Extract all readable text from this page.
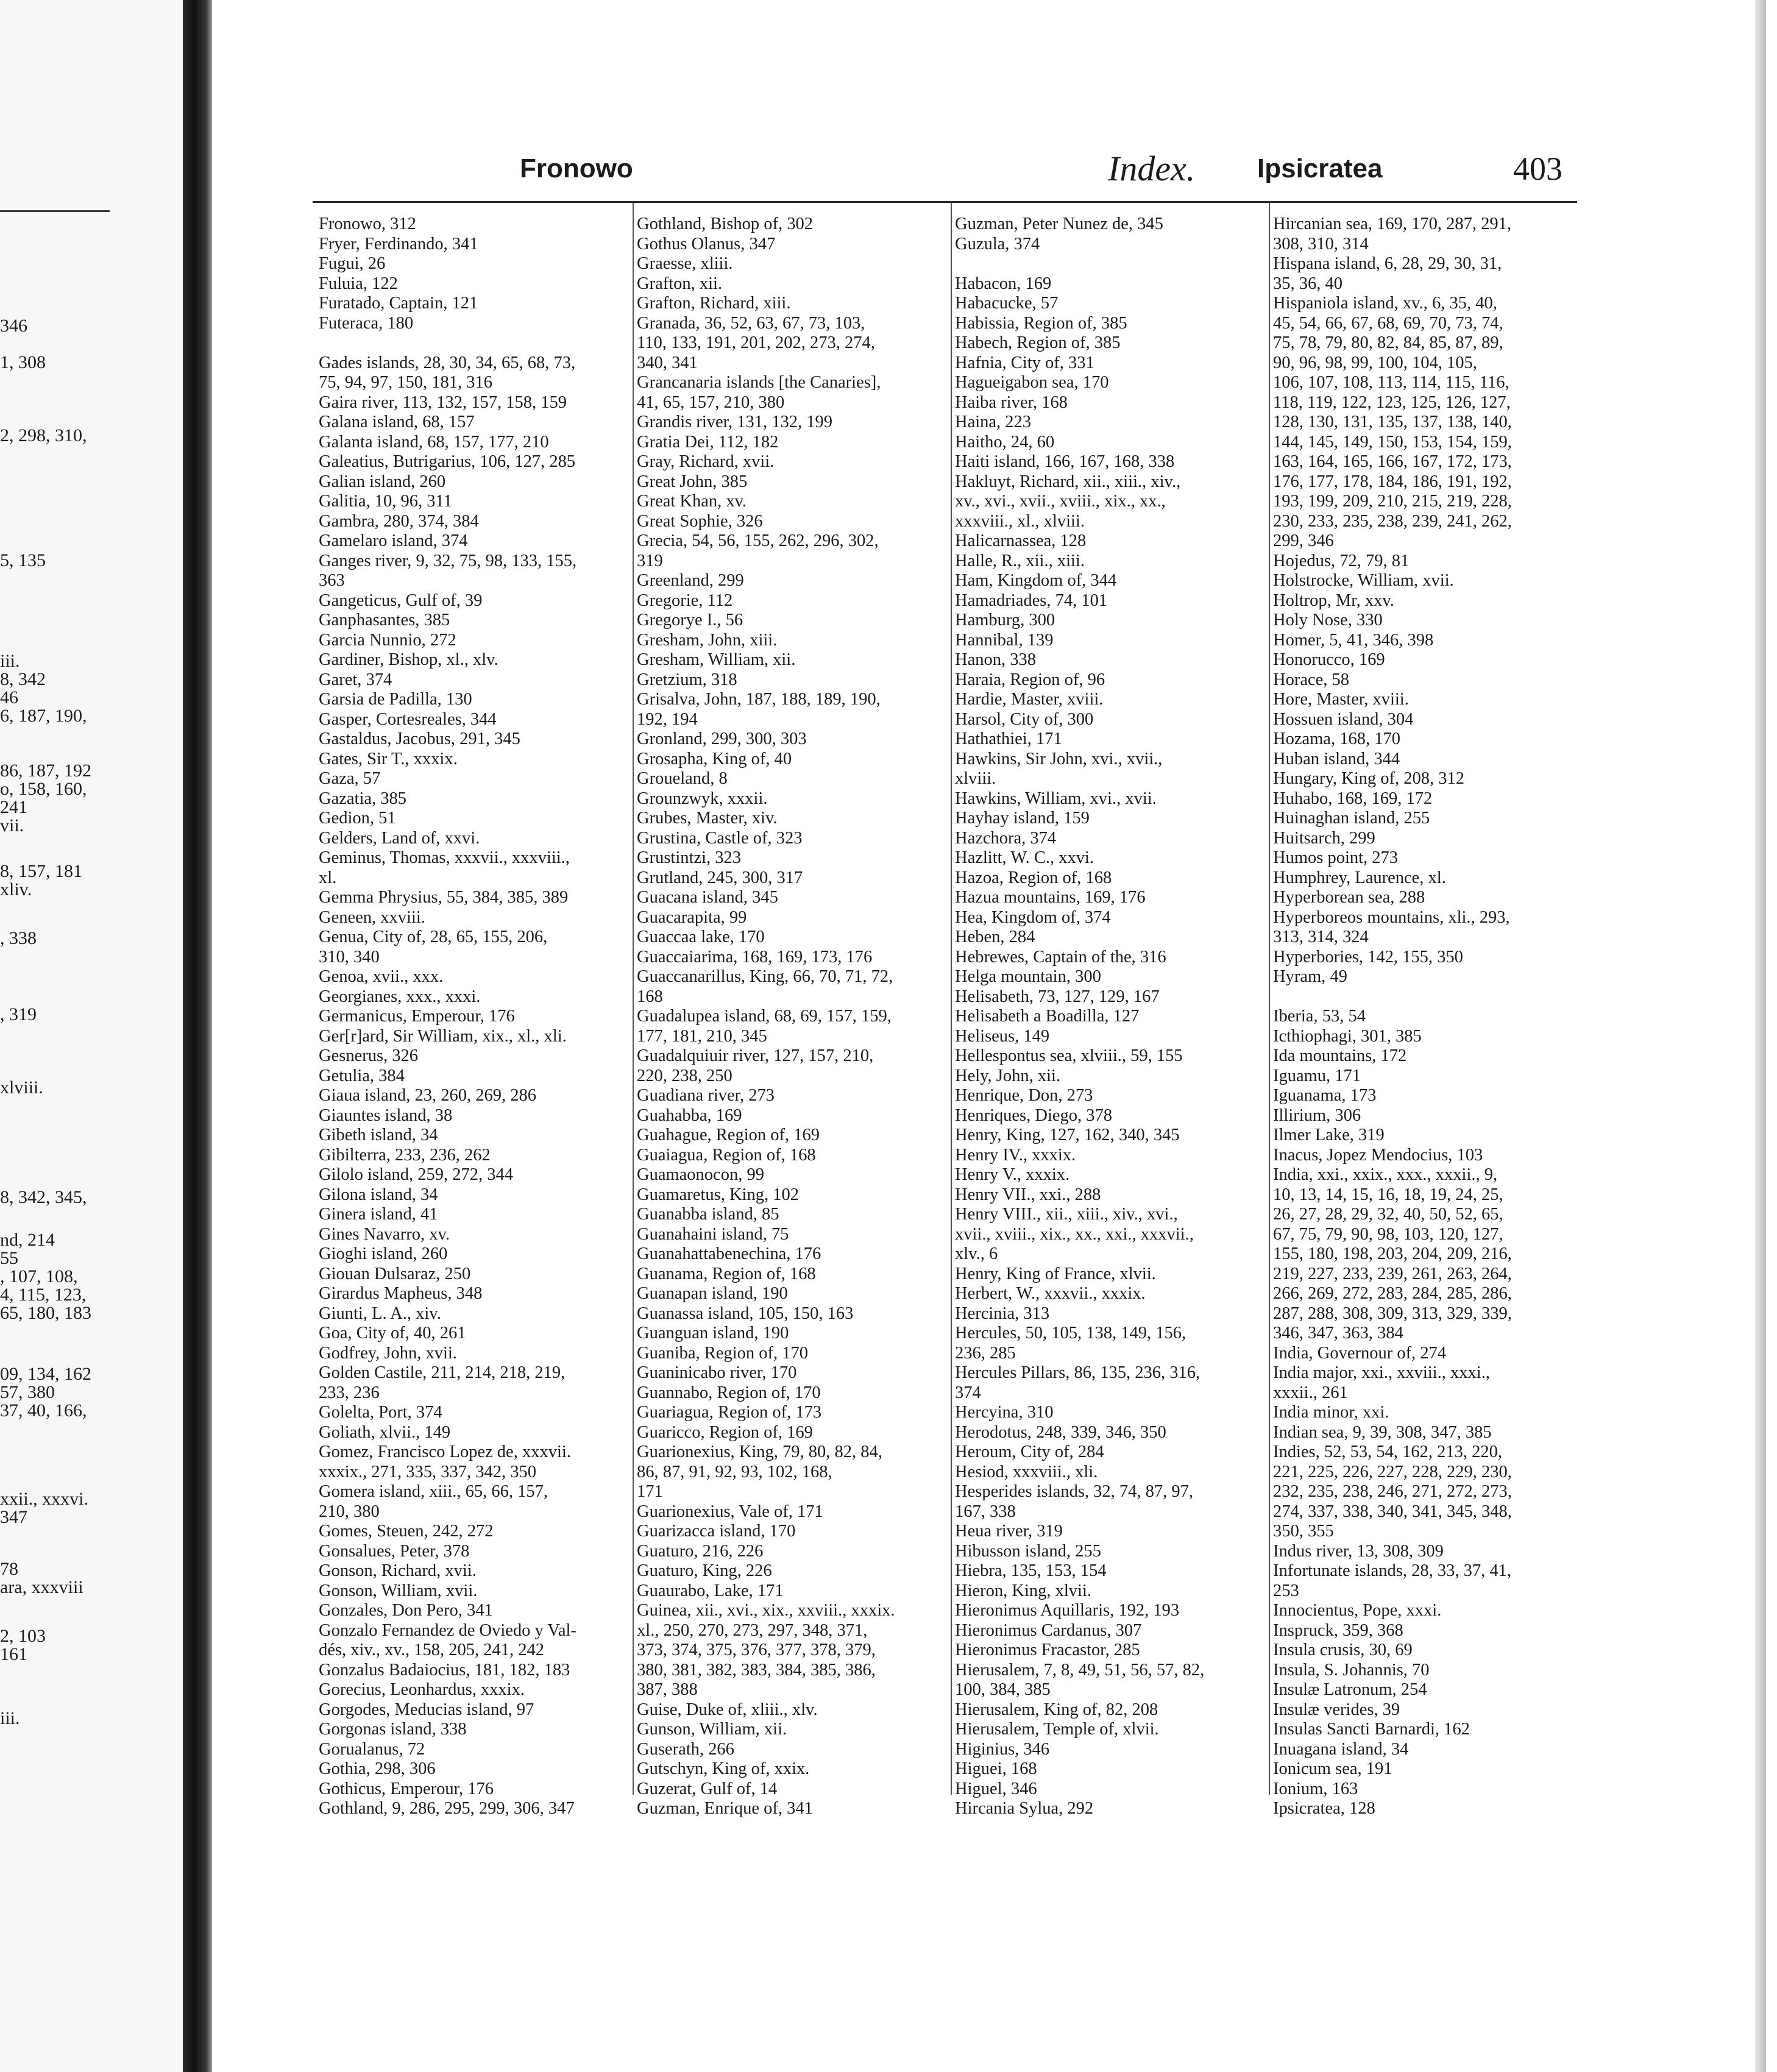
346
1, 308
2, 298, 310,
5, 135
iii.
8, 342
46
6, 187, 190,
86, 187, 192
o, 158, 160,
241
vii.
8, 157, 181
xliv.
, 338
, 319
xlviii.
8, 342, 345,
nd, 214
55
, 107, 108,
4, 115, 123,
65, 180, 183
09, 134, 162
57, 380
37, 40, 166,
xxii., xxxvi.
347
78
ara, xxxviii
2, 103
161
iii.
Fronowo	Index. Ipsicratea	403
Fronowo, 312
Fryer, Ferdinando, 341
Fugui, 26
Fuluia, 122
Furatado, Captain, 121
Futeraca, 180
Gades islands, 28, 30, 34, 65, 68, 73,
75, 94, 97, 150, 181, 316
Gaira river, 113, 132, 157, 158, 159
Galana island, 68, 157
Galanta island, 68, 157, 177, 210
Galeatius, Butrigarius, 106, 127, 285
Galian island, 260
Galitia, 10, 96, 311
Gambra, 280, 374, 384
Gamelaro island, 374
Ganges river, 9, 32, 75, 98, 133, 155,
363
Gangeticus, Gulf of, 39
Ganphasantes, 385
Garcia Nunnio, 272
Gardiner, Bishop, xl., xlv.
Garet, 374
Garsia de Padilla, 130
Gasper, Cortesreales, 344
Gastaldus, Jacobus, 291, 345
Gates, Sir T., xxxix.
Gaza, 57
Gazatia, 385
Gedion, 51
Gelders, Land of, xxvi.
Geminus, Thomas, xxxvii., xxxviii.,
xl.
Gemma Phrysius, 55, 384, 385, 389
Geneen, xxviii.
Genua, City of, 28, 65, 155, 206,
310, 340
Genoa, xvii., xxx.
Georgianes, xxx., xxxi.
Germanicus, Emperour, 176
Ger[r]ard, Sir William, xix., xl., xli.
Gesnerus, 326
Getulia, 384
Giaua island, 23, 260, 269, 286
Giauntes island, 38
Gibeth island, 34
Gibilterra, 233, 236, 262
Gilolo island, 259, 272, 344
Gilona island, 34
Ginera island, 41
Gines Navarro, xv.
Gioghi island, 260
Giouan Dulsaraz, 250
Girardus Mapheus, 348
Giunti, L. A., xiv.
Goa, City of, 40, 261
Godfrey, John, xvii.
Golden Castile, 211, 214, 218, 219,
233, 236
Golelta, Port, 374
Goliath, xlvii., 149
Gomez, Francisco Lopez de, xxxvii.
xxxix., 271, 335, 337, 342, 350
Gomera island, xiii., 65, 66, 157,
210, 380
Gomes, Steuen, 242, 272
Gonsalues, Peter, 378
Gonson, Richard, xvii.
Gonson, William, xvii.
Gonzales, Don Pero, 341
Gonzalo Fernandez de Oviedo y Val-
dés, xiv., xv., 158, 205, 241, 242
Gonzalus Badaiocius, 181, 182, 183
Gorecius, Leonhardus, xxxix.
Gorgodes, Meducias island, 97
Gorgonas island, 338
Gorualanus, 72
Gothia, 298, 306
Gothicus, Emperour, 176
Gothland, 9, 286, 295, 299, 306, 347
Gothland, Bishop of, 302
Gothus Olanus, 347
Graesse, xliii.
Grafton, xii.
Grafton, Richard, xiii.
Granada, 36, 52, 63, 67, 73, 103,
110, 133, 191, 201, 202, 273, 274,
340, 341
Grancanaria islands [the Canaries],
41, 65, 157, 210, 380
Grandis river, 131, 132, 199
Gratia Dei, 112, 182
Gray, Richard, xvii.
Great John, 385
Great Khan, xv.
Great Sophie, 326
Grecia, 54, 56, 155, 262, 296, 302,
319
Greenland, 299
Gregorie, 112
Gregorye I., 56
Gresham, John, xiii.
Gresham, William, xii.
Gretzium, 318
Grisalva, John, 187, 188, 189, 190,
192, 194
Gronland, 299, 300, 303
Grosapha, King of, 40
Groueland, 8
Grounzwyk, xxxii.
Grubes, Master, xiv.
Grustina, Castle of, 323
Grustintzi, 323
Grutland, 245, 300, 317
Guacana island, 345
Guacarapita, 99
Guaccaa lake, 170
Guaccaiarima, 168, 169, 173, 176
Guaccanarillus, King, 66, 70, 71, 72,
168
Guadalupea island, 68, 69, 157, 159,
177, 181, 210, 345
Guadalquiuir river, 127, 157, 210,
220, 238, 250
Guadiana river, 273
Guahabba, 169
Guahague, Region of, 169
Guaiagua, Region of, 168
Guamaonocon, 99
Guamaretus, King, 102
Guanabba island, 85
Guanahaini island, 75
Guanahattabenechina, 176
Guanama, Region of, 168
Guanapan island, 190
Guanassa island, 105, 150, 163
Guanguan island, 190
Guaniba, Region of, 170
Guaninicabo river, 170
Guannabo, Region of, 170
Guariagua, Region of, 173
Guaricco, Region of, 169
Guarionexius, King, 79, 80, 82, 84,
86, 87, 91, 92, 93, 102, 168,
171
Guarionexius, Vale of, 171
Guarizacca island, 170
Guaturo, 216, 226
Guaturo, King, 226
Guaurabo, Lake, 171
Guinea, xii., xvi., xix., xxviii., xxxix.
xl., 250, 270, 273, 297, 348, 371,
373, 374, 375, 376, 377, 378, 379,
380, 381, 382, 383, 384, 385, 386,
387, 388
Guise, Duke of, xliii., xlv.
Gunson, William, xii.
Guserath, 266
Gutschyn, King of, xxix.
Guzerat, Gulf of, 14
Guzman, Enrique of, 341
Guzman, Peter Nunez de, 345
Guzula, 374
Habacon, 169
Habacucke, 57
Habissia, Region of, 385
Habech, Region of, 385
Hafnia, City of, 331
Hagueigabon sea, 170
Haiba river, 168
Haina, 223
Haitho, 24, 60
Haiti island, 166, 167, 168, 338
Hakluyt, Richard, xii., xiii., xiv.,
xv., xvi., xvii., xviii., xix., xx.,
xxxviii., xl., xlviii.
Halicarnassea, 128
Halle, R., xii., xiii.
Ham, Kingdom of, 344
Hamadriades, 74, 101
Hamburg, 300
Hannibal, 139
Hanon, 338
Haraia, Region of, 96
Hardie, Master, xviii.
Harsol, City of, 300
Hathathiei, 171
Hawkins, Sir John, xvi., xvii.,
xlviii.
Hawkins, William, xvi., xvii.
Hayhay island, 159
Hazchora, 374
Hazlitt, W. C., xxvi.
Hazoa, Region of, 168
Hazua mountains, 169, 176
Hea, Kingdom of, 374
Heben, 284
Hebrewes, Captain of the, 316
Helga mountain, 300
Helisabeth, 73, 127, 129, 167
Helisabeth a Boadilla, 127
Heliseus, 149
Hellespontus sea, xlviii., 59, 155
Hely, John, xii.
Henrique, Don, 273
Henriques, Diego, 378
Henry, King, 127, 162, 340, 345
Henry IV., xxxix.
Henry V., xxxix.
Henry VII., xxi., 288
Henry VIII., xii., xiii., xiv., xvi.,
xvii., xviii., xix., xx., xxi., xxxvii.,
xlv., 6
Henry, King of France, xlvii.
Herbert, W., xxxvii., xxxix.
Hercinia, 313
Hercules, 50, 105, 138, 149, 156,
236, 285
Hercules Pillars, 86, 135, 236, 316,
374
Hercyina, 310
Herodotus, 248, 339, 346, 350
Heroum, City of, 284
Hesiod, xxxviii., xli.
Hesperides islands, 32, 74, 87, 97,
167, 338
Heua river, 319
Hibusson island, 255
Hiebra, 135, 153, 154
Hieron, King, xlvii.
Hieronimus Aquillaris, 192, 193
Hieronimus Cardanus, 307
Hieronimus Fracastor, 285
Hierusalem, 7, 8, 49, 51, 56, 57, 82,
100, 384, 385
Hierusalem, King of, 82, 208
Hierusalem, Temple of, xlvii.
Higinius, 346
Higuei, 168
Higuel, 346
Hircania Sylua, 292
Hircanian sea, 169, 170, 287, 291,
308, 310, 314
Hispana island, 6, 28, 29, 30, 31,
35, 36, 40
Hispaniola island, xv., 6, 35, 40,
45, 54, 66, 67, 68, 69, 70, 73, 74,
75, 78, 79, 80, 82, 84, 85, 87, 89,
90, 96, 98, 99, 100, 104, 105,
106, 107, 108, 113, 114, 115, 116,
118, 119, 122, 123, 125, 126, 127,
128, 130, 131, 135, 137, 138, 140,
144, 145, 149, 150, 153, 154, 159,
163, 164, 165, 166, 167, 172, 173,
176, 177, 178, 184, 186, 191, 192,
193, 199, 209, 210, 215, 219, 228,
230, 233, 235, 238, 239, 241, 262,
299, 346
Hojedus, 72, 79, 81
Holstrocke, William, xvii.
Holtrop, Mr, xxv.
Holy Nose, 330
Homer, 5, 41, 346, 398
Honorucco, 169
Horace, 58
Hore, Master, xviii.
Hossuen island, 304
Hozama, 168, 170
Huban island, 344
Hungary, King of, 208, 312
Huhabo, 168, 169, 172
Huinaghan island, 255
Huitsarch, 299
Humos point, 273
Humphrey, Laurence, xl.
Hyperborean sea, 288
Hyperboreos mountains, xli., 293,
313, 314, 324
Hyperbories, 142, 155, 350
Hyram, 49
Iberia, 53, 54
Icthiophagi, 301, 385
Ida mountains, 172
Iguamu, 171
Iguanama, 173
Illirium, 306
Ilmer Lake, 319
Inacus, Jopez Mendocius, 103
India, xxi., xxix., xxx., xxxii., 9,
10, 13, 14, 15, 16, 18, 19, 24, 25,
26, 27, 28, 29, 32, 40, 50, 52, 65,
67, 75, 79, 90, 98, 103, 120, 127,
155, 180, 198, 203, 204, 209, 216,
219, 227, 233, 239, 261, 263, 264,
266, 269, 272, 283, 284, 285, 286,
287, 288, 308, 309, 313, 329, 339,
346, 347, 363, 384
India, Governour of, 274
India major, xxi., xxviii., xxxi.,
xxxii., 261
India minor, xxi.
Indian sea, 9, 39, 308, 347, 385
Indies, 52, 53, 54, 162, 213, 220,
221, 225, 226, 227, 228, 229, 230,
232, 235, 238, 246, 271, 272, 273,
274, 337, 338, 340, 341, 345, 348,
350, 355
Indus river, 13, 308, 309
Infortunate islands, 28, 33, 37, 41,
253
Innocientus, Pope, xxxi.
Inspruck, 359, 368
Insula crusis, 30, 69
Insula, S. Johannis, 70
Insulæ Latronum, 254
Insulæ verides, 39
Insulas Sancti Barnardi, 162
Inuagana island, 34
Ionicum sea, 191
Ionium, 163
Ipsicratea, 128
